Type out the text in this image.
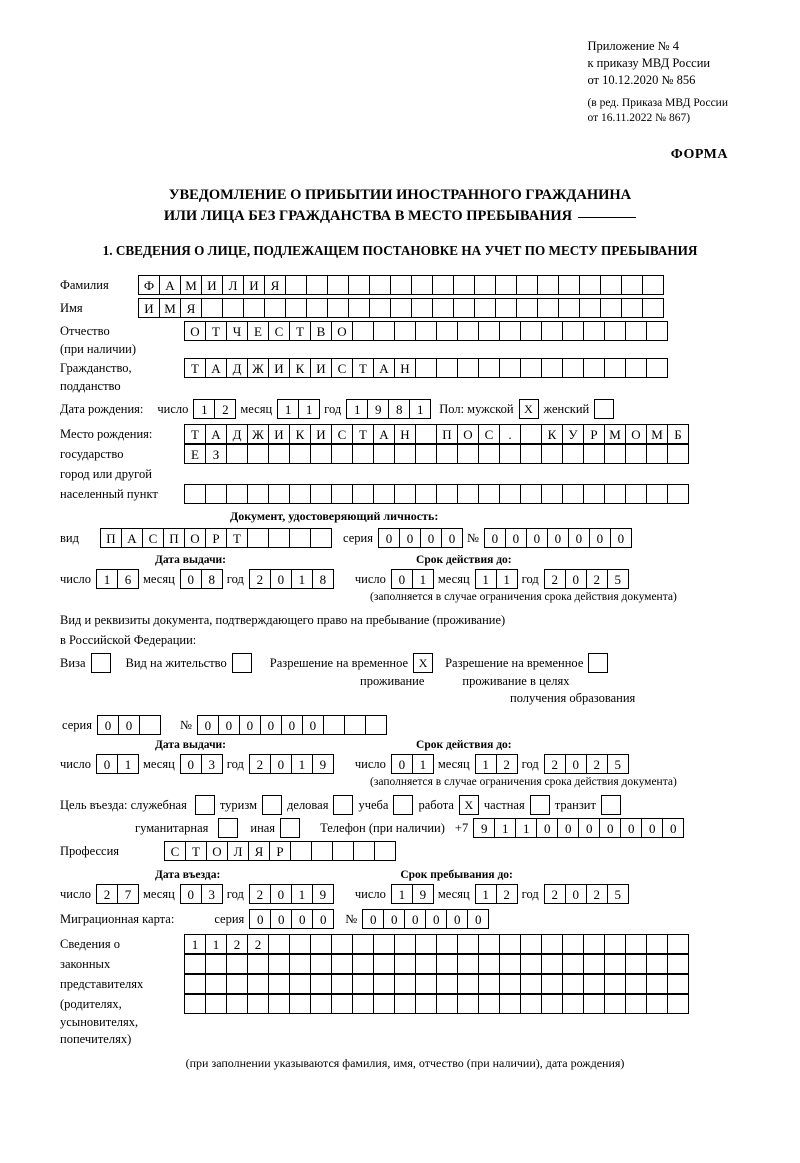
Приложение № 4
к приказу МВД России
от 10.12.2020 № 856
(в ред. Приказа МВД России
от 16.11.2022 № 867)
ФОРМА
УВЕДОМЛЕНИЕ О ПРИБЫТИИ ИНОСТРАННОГО ГРАЖДАНИНА
ИЛИ ЛИЦА БЕЗ ГРАЖДАНСТВА В МЕСТО ПРЕБЫВАНИЯ
1. СВЕДЕНИЯ О ЛИЦЕ, ПОДЛЕЖАЩЕМ ПОСТАНОВКЕ НА УЧЕТ ПО МЕСТУ ПРЕБЫВАНИЯ
Фамилия	Ф А М И Л И Я
Имя	И М Я
Отчество	О Т Ч Е С Т В О
(при наличии)
Гражданство,	Т А Д Ж И К И С Т А Н
подданство
Дата рождения: число 1	2 месяц 1	1 год 1	9	8	1	Пол: мужской X женский
Место рождения:	Т А Д Ж И К И С Т А Н	П О С	.	К У Р М О М Б
государство	Е	З
город или другой
населенный пункт
Документ, удостоверяющий личность:
вид	П А С П О Р	Т	серия 0	0	0	0 № 0	0	0	0	0	0	0
Дата выдачи:	Срок действия до:
число 1	6 месяц 0	8 год 2	0	1	8	число 0	1 месяц 1	1 год 2	0	2	5
(заполняется в случае ограничения срока действия документа)
Вид и реквизиты документа, подтверждающего право на пребывание (проживание)
в Российской Федерации:
Виза	Вид на жительство	Разрешение на временное X	Разрешение на временное
проживание	проживание в целях
получения образования
серия 0	0	№ 0	0	0	0	0	0
Дата выдачи:	Срок действия до:
число 0	1 месяц 0	3 год 2	0	1	9	число 0	1 месяц 1	2 год 2	0	2	5
(заполняется в случае ограничения срока действия документа)
Цель въезда: служебная	туризм деловая учеба работа X частная транзит
гуманитарная	иная	Телефон (при наличии) +7 9	1	1	0	0	0	0	0	0	0
Профессия	С Т О Л Я	Р
Дата въезда:	Срок пребывания до:
число 2	7 месяц 0	3 год 2	0	1	9	число 1	9 месяц 1	2 год 2	0	2	5
Миграционная карта:	серия 0	0	0	0	№ 0	0	0	0	0	0
Сведения о	1	1	2	2
законных
представителях
(родителях,
усыновителях,
попечителях)
(при заполнении указываются фамилия, имя, отчество (при наличии), дата рождения)
